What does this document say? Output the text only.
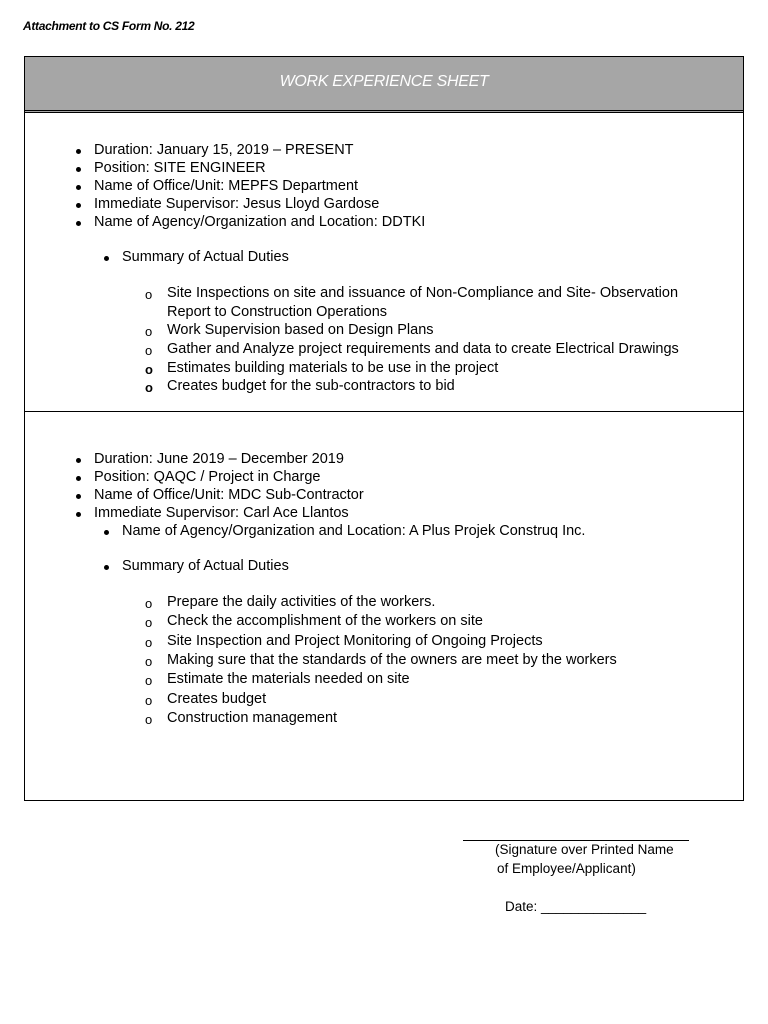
Attachment to CS Form No. 212
WORK EXPERIENCE SHEET
Duration: January 15, 2019 – PRESENT
Position: SITE ENGINEER
Name of Office/Unit: MEPFS Department
Immediate Supervisor: Jesus Lloyd Gardose
Name of Agency/Organization and Location: DDTKI
Summary of Actual Duties
o Site Inspections on site and issuance of Non-Compliance and Site- Observation
Report to Construction Operations
o Work Supervision based on Design Plans
o Gather and Analyze project requirements and data to create Electrical Drawings
o Estimates building materials to be use in the project
o Creates budget for the sub-contractors to bid
Duration: June 2019 – December 2019
Position: QAQC / Project in Charge
Name of Office/Unit: MDC Sub-Contractor
Immediate Supervisor: Carl Ace Llantos
Name of Agency/Organization and Location: A Plus Projek Construq Inc.
Summary of Actual Duties
o Prepare the daily activities of the workers.
o Check the accomplishment of the workers on site
o Site Inspection and Project Monitoring of Ongoing Projects
o Making sure that the standards of the owners are meet by the workers
o Estimate the materials needed on site
o Creates budget
o Construction management
(Signature over Printed Name
of Employee/Applicant)
Date: ______________
